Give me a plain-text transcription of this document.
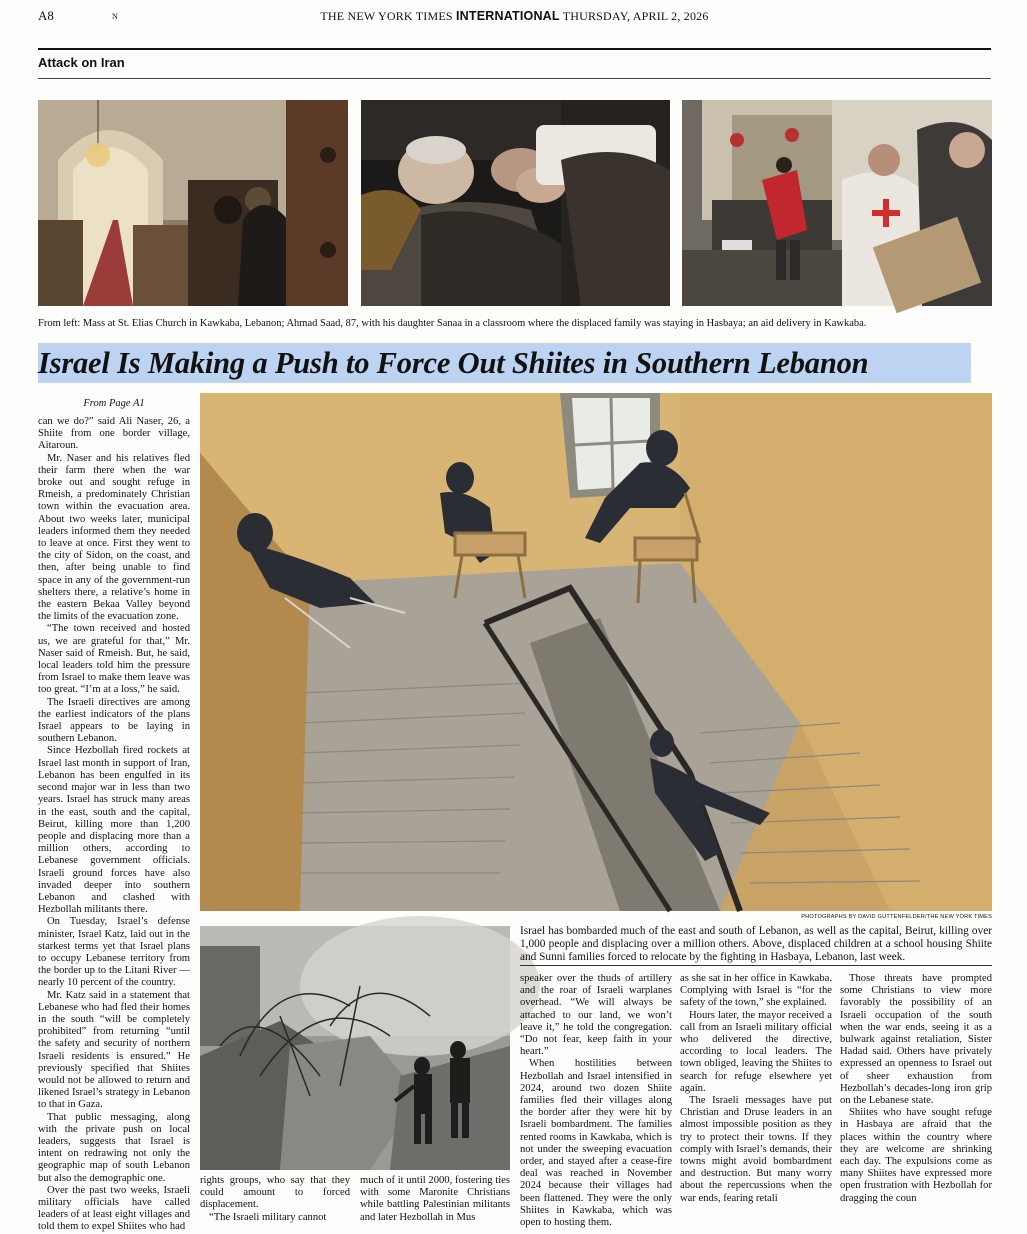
A8	N	THE NEW YORK TIMES INTERNATIONAL THURSDAY, APRIL 2, 2026
Attack on Iran
From left: Mass at St. Elias Church in Kawkaba, Lebanon; Ahmad Saad, 87, with his daughter Sanaa in a classroom where the displaced family was staying in Hasbaya; an aid delivery in Kawkaba.
Israel Is Making a Push to Force Out Shiites in Southern Lebanon
From Page A1

can we do?” said Ali Naser, 26, a Shiite from one border village, Aitaroun.

Mr. Naser and his relatives fled their farm there when the war broke out and sought refuge in Rmeish, a predominately Christian town within the evacuation area. About two weeks later, municipal leaders informed them they needed to leave at once. First they went to the city of Sidon, on the coast, and then, after being unable to find space in any of the government-run shelters there, a relative’s home in the eastern Bekaa Valley beyond the limits of the evacuation zone.

“The town received and hosted us, we are grateful for that,” Mr. Naser said of Rmeish. But, he said, local leaders told him the pressure from Israel to make them leave was too great. “I’m at a loss,” he said.

The Israeli directives are among the earliest indicators of the plans Israel appears to be laying in southern Lebanon.

Since Hezbollah fired rockets at Israel last month in support of Iran, Lebanon has been engulfed in its second major war in less than two years. Israel has struck many areas in the east, south and the capital, Beirut, killing more than 1,200 people and displacing more than a million others, according to Lebanese government officials. Israeli ground forces have also invaded deeper into southern Lebanon and clashed with Hezbollah militants there.

On Tuesday, Israel’s defense minister, Israel Katz, laid out in the starkest terms yet that Israel plans to occupy Lebanese territory from the border up to the Litani River — nearly 10 percent of the country.

Mr. Katz said in a statement that Lebanese who had fled their homes in the south “will be completely prohibited” from returning “until the safety and security of northern Israeli residents is ensured.” He previously specified that Shiites would not be allowed to return and likened Israel’s strategy in Lebanon to that in Gaza.

That public messaging, along with the private push on local leaders, suggests that Israel is intent on redrawing not only the geographic map of south Lebanon but also the demographic one.

Over the past two weeks, Israeli military officials have called leaders of at least eight villages and told them to expel Shiites who had

PHOTOGRAPHS BY DAVID GUTTENFELDER/THE NEW YORK TIMES

rights groups, who say that they could amount to forced displacement.

“The Israeli military cannot

much of it until 2000, fostering ties with some Maronite Christians while battling Palestinian militants and later Hezbollah in Mus

Israel has bombarded much of the east and south of Lebanon, as well as the capital, Beirut, killing over 1,000 people and displacing over a million others. Above, displaced children at a school housing Shiite and Sunni families forced to relocate by the fighting in Hasbaya, Lebanon, last week.

speaker over the thuds of artillery and the roar of Israeli warplanes overhead. “We will always be attached to our land, we won’t leave it,” he told the congregation. “Do not fear, keep faith in your heart.”

When hostilities between Hezbollah and Israel intensified in 2024, around two dozen Shiite families fled their villages along the border after they were hit by Israeli bombardment. The families rented rooms in Kawkaba, which is not under the sweeping evacuation order, and stayed after a cease-fire deal was reached in November 2024 because their villages had been flattened. They were the only Shiites in Kawkaba, which was open to hosting them.

as she sat in her office in Kawkaba. Complying with Israel is “for the safety of the town,” she explained.

Hours later, the mayor received a call from an Israeli military official who delivered the directive, according to local leaders. The town obliged, leaving the Shiites to search for refuge elsewhere yet again.

The Israeli messages have put Christian and Druse leaders in an almost impossible position as they try to protect their towns. If they comply with Israel’s demands, their towns might avoid bombardment and destruction. But many worry about the repercussions when the war ends, fearing retali

Those threats have prompted some Christians to view more favorably the possibility of an Israeli occupation of the south when the war ends, seeing it as a bulwark against retaliation, Sister Hadad said. Others have privately expressed an openness to Israel out of sheer exhaustion from Hezbollah’s decades-long iron grip on the Lebanese state.

Shiites who have sought refuge in Hasbaya are afraid that the places within the country where they are welcome are shrinking each day. The expulsions come as many Shiites have expressed more open frustration with Hezbollah for dragging the coun
